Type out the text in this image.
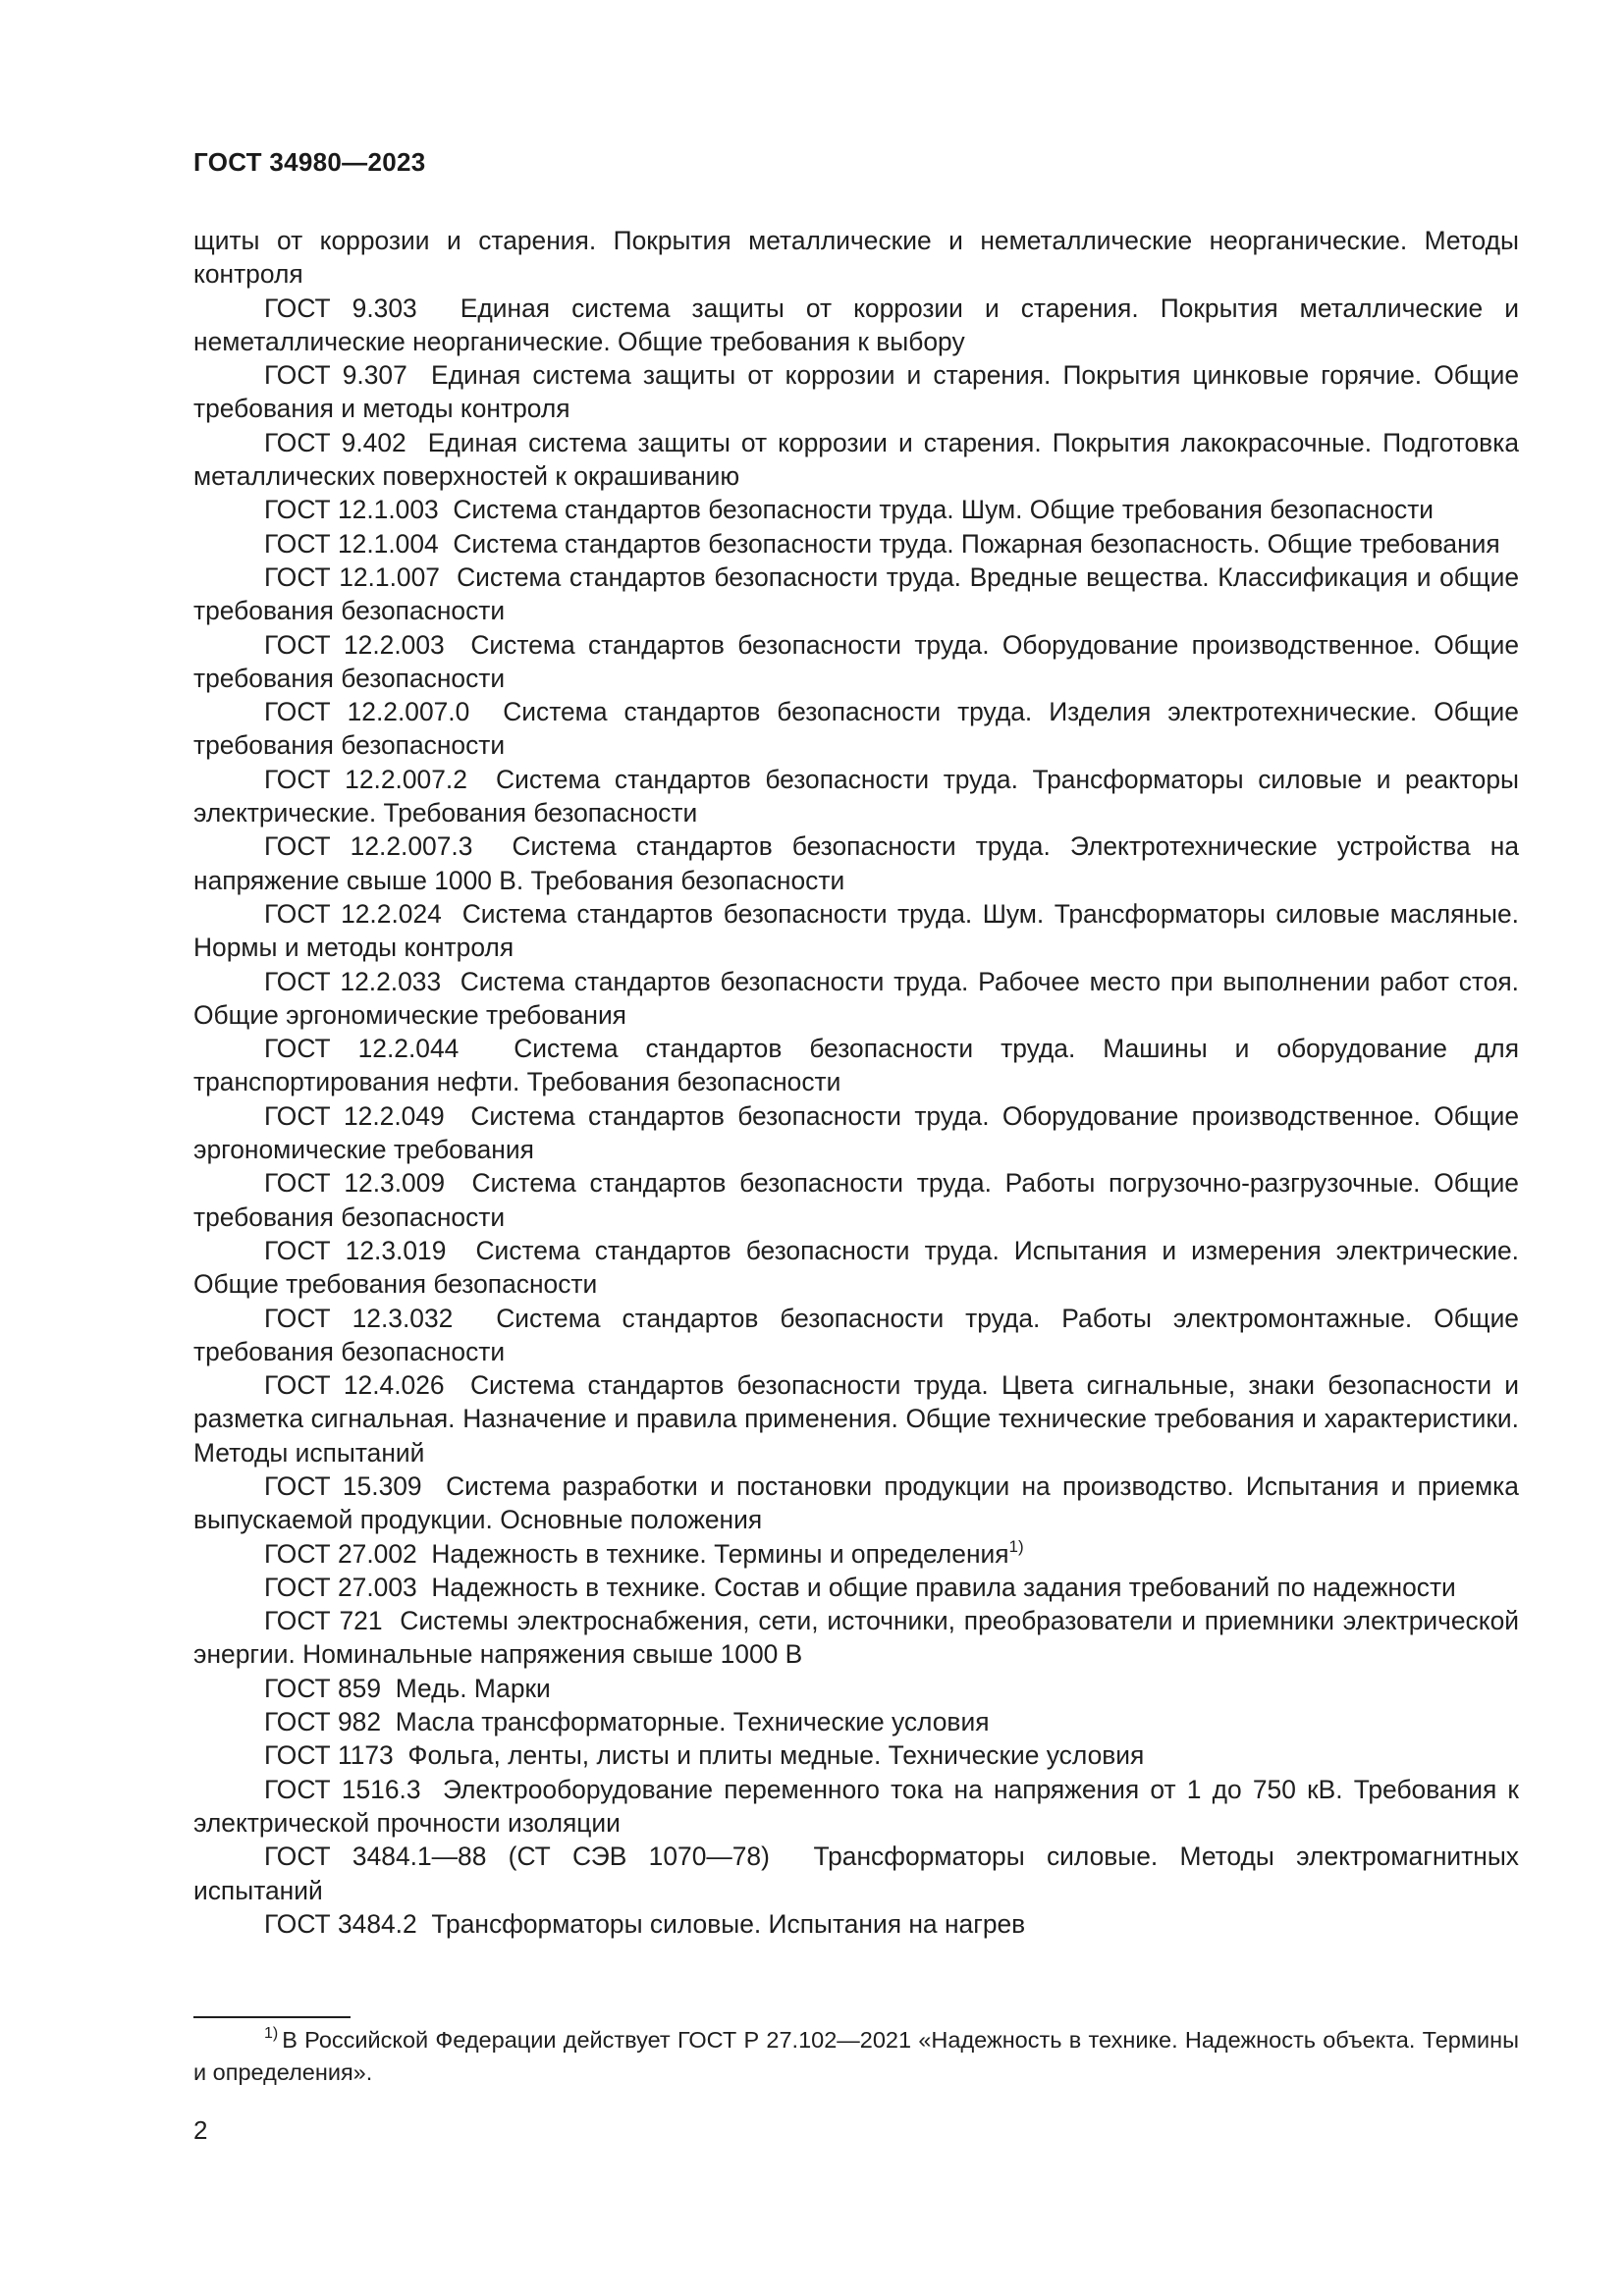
ГОСТ 34980—2023

щиты от коррозии и старения. Покрытия металлические и неметаллические неорганические. Методы контроля

ГОСТ 9.303 Единая система защиты от коррозии и старения. Покрытия металлические и неметаллические неорганические. Общие требования к выбору

ГОСТ 9.307 Единая система защиты от коррозии и старения. Покрытия цинковые горячие. Общие требования и методы контроля

ГОСТ 9.402 Единая система защиты от коррозии и старения. Покрытия лакокрасочные. Подготовка металлических поверхностей к окрашиванию

ГОСТ 12.1.003 Система стандартов безопасности труда. Шум. Общие требования безопасности

ГОСТ 12.1.004 Система стандартов безопасности труда. Пожарная безопасность. Общие требования

ГОСТ 12.1.007 Система стандартов безопасности труда. Вредные вещества. Классификация и общие требования безопасности

ГОСТ 12.2.003 Система стандартов безопасности труда. Оборудование производственное. Общие требования безопасности

ГОСТ 12.2.007.0 Система стандартов безопасности труда. Изделия электротехнические. Общие требования безопасности

ГОСТ 12.2.007.2 Система стандартов безопасности труда. Трансформаторы силовые и реакторы электрические. Требования безопасности

ГОСТ 12.2.007.3 Система стандартов безопасности труда. Электротехнические устройства на напряжение свыше 1000 В. Требования безопасности

ГОСТ 12.2.024 Система стандартов безопасности труда. Шум. Трансформаторы силовые масляные. Нормы и методы контроля

ГОСТ 12.2.033 Система стандартов безопасности труда. Рабочее место при выполнении работ стоя. Общие эргономические требования

ГОСТ 12.2.044 Система стандартов безопасности труда. Машины и оборудование для транспортирования нефти. Требования безопасности

ГОСТ 12.2.049 Система стандартов безопасности труда. Оборудование производственное. Общие эргономические требования

ГОСТ 12.3.009 Система стандартов безопасности труда. Работы погрузочно-разгрузочные. Общие требования безопасности

ГОСТ 12.3.019 Система стандартов безопасности труда. Испытания и измерения электрические. Общие требования безопасности

ГОСТ 12.3.032 Система стандартов безопасности труда. Работы электромонтажные. Общие требования безопасности

ГОСТ 12.4.026 Система стандартов безопасности труда. Цвета сигнальные, знаки безопасности и разметка сигнальная. Назначение и правила применения. Общие технические требования и характеристики. Методы испытаний

ГОСТ 15.309 Система разработки и постановки продукции на производство. Испытания и приемка выпускаемой продукции. Основные положения

ГОСТ 27.002 Надежность в технике. Термины и определения$^{1)}$

ГОСТ 27.003 Надежность в технике. Состав и общие правила задания требований по надежности

ГОСТ 721 Системы электроснабжения, сети, источники, преобразователи и приемники электрической энергии. Номинальные напряжения свыше 1000 В

ГОСТ 859 Медь. Марки

ГОСТ 982 Масла трансформаторные. Технические условия

ГОСТ 1173 Фольга, ленты, листы и плиты медные. Технические условия

ГОСТ 1516.3 Электрооборудование переменного тока на напряжения от 1 до 750 кВ. Требования к электрической прочности изоляции

ГОСТ 3484.1—88 (СТ СЭВ 1070—78) Трансформаторы силовые. Методы электромагнитных испытаний

ГОСТ 3484.2 Трансформаторы силовые. Испытания на нагрев

$^{1)}$ В Российской Федерации действует ГОСТ Р 27.102—2021 «Надежность в технике. Надежность объекта. Термины и определения».

2
